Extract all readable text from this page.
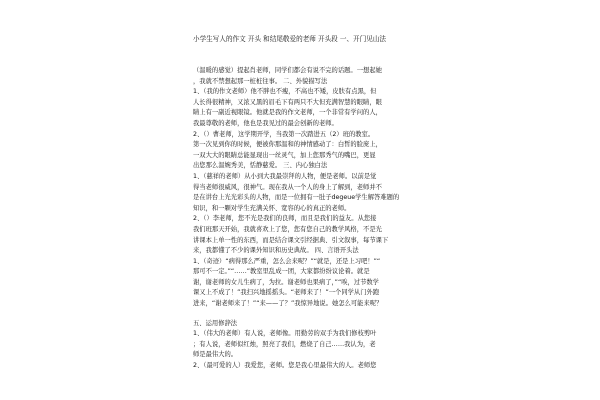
小学生写人的作文 开头 和结尾敬爱的老师 开头段 一、开门见山法
（温暖的感觉）提起肖老师，同学们都会有说不完的话题。一想起她
，我就不禁想起那一桩桩往事。 二、外貌描写法
1、（我的作文老师）他不胖也不瘦，不高也不矮，皮肤有点黑，但
人长得很精神，又浓又黑的眉毛下有两只不大但充满智慧的眼睛，眼
睛上有一副近视眼镜。他就是我的作文老师，一个非常有学问的人，
我最尊敬的老师，他也是我见过的最会创新的老师。
2、（）曹老师，这学期开学，当我第一次踏进五（2）班的教室。
第一次见到你的时候，便被你那温和的神情感动了：白皙的脸庞上，
一双大大的眼睛总能显现出一丝灵气，加上您那秀气的嘴巴，更显
出您那么温婉秀美，恬静慈爱。 三、内心独白法
1、（慈祥的老师）从小到大我最崇拜的人物，便是老师。以前是觉
得当老师很威风，很神气。现在我从一个人的身上了解到，老师并不
是在讲台上光光彩头的人物，而是一位拥有一肚子degeue学生解答难题的
知识，和一颗对学生充满关怀、宽容的心的真正的老师。
2、（）李老师，您不光是我们的良师，而且是我们的益友。从您接
我们班那天开始，我就喜欢上了您，您有您自己的教学风格，不是光
讲课本上单一性的东西，而是结合课文引经据典、引文叙事，每节课下
来，我都懂了不少的课外知识和历史典故。 四、言语开头法
1、（奇迹）“病得那么严重，怎么会来呢？”“就是，还是上习吧！”“
那可不一定。”“……”教室里乱成一团，大家都纷纷议论着。就是
谢，谢老师的女儿生病了，为拉。谢老师也果病了，”“唉，过节数学
课又上不成了！”我扫兴地摇摇头。“老师来了！”一个同学从门外跑
进来，“谢老师来了！”“来——了？”我惊异地说。她怎么可能来呢？
五、运用修辞法
1、（伟大的老师）有人说，老师像。用勤劳的双手为我们修枝剪叶
；有人说，老师似红烛，照亮了我们，燃烧了自己……我认为，老
师是最伟大的。
2、（最可爱的人）我爱您，老师。您是我心里最伟大的人。老师您
